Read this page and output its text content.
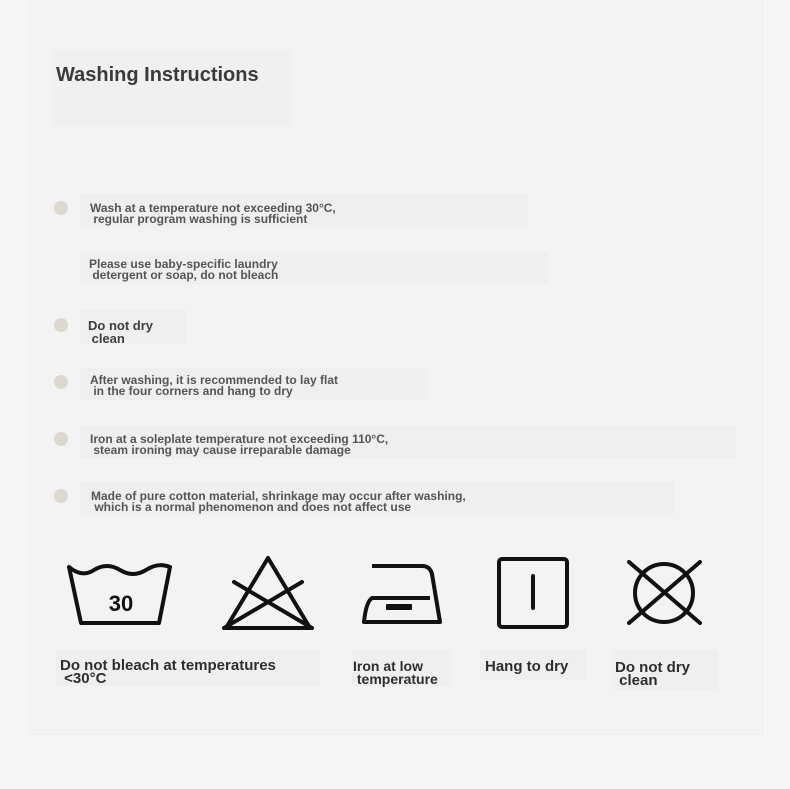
Washing Instructions
Wash at a temperature not exceeding 30°C,
regular program washing is sufficient
Please use baby-specific laundry
detergent or soap, do not bleach
Do not dry
clean
After washing, it is recommended to lay flat
in the four corners and hang to dry
Iron at a soleplate temperature not exceeding 110°C,
steam ironing may cause irreparable damage
Made of pure cotton material, shrinkage may occur after washing,
which is a normal phenomenon and does not affect use
30
Do not bleach at temperatures
<30°C
Iron at low
temperature
Hang to dry	Do not dry
clean
